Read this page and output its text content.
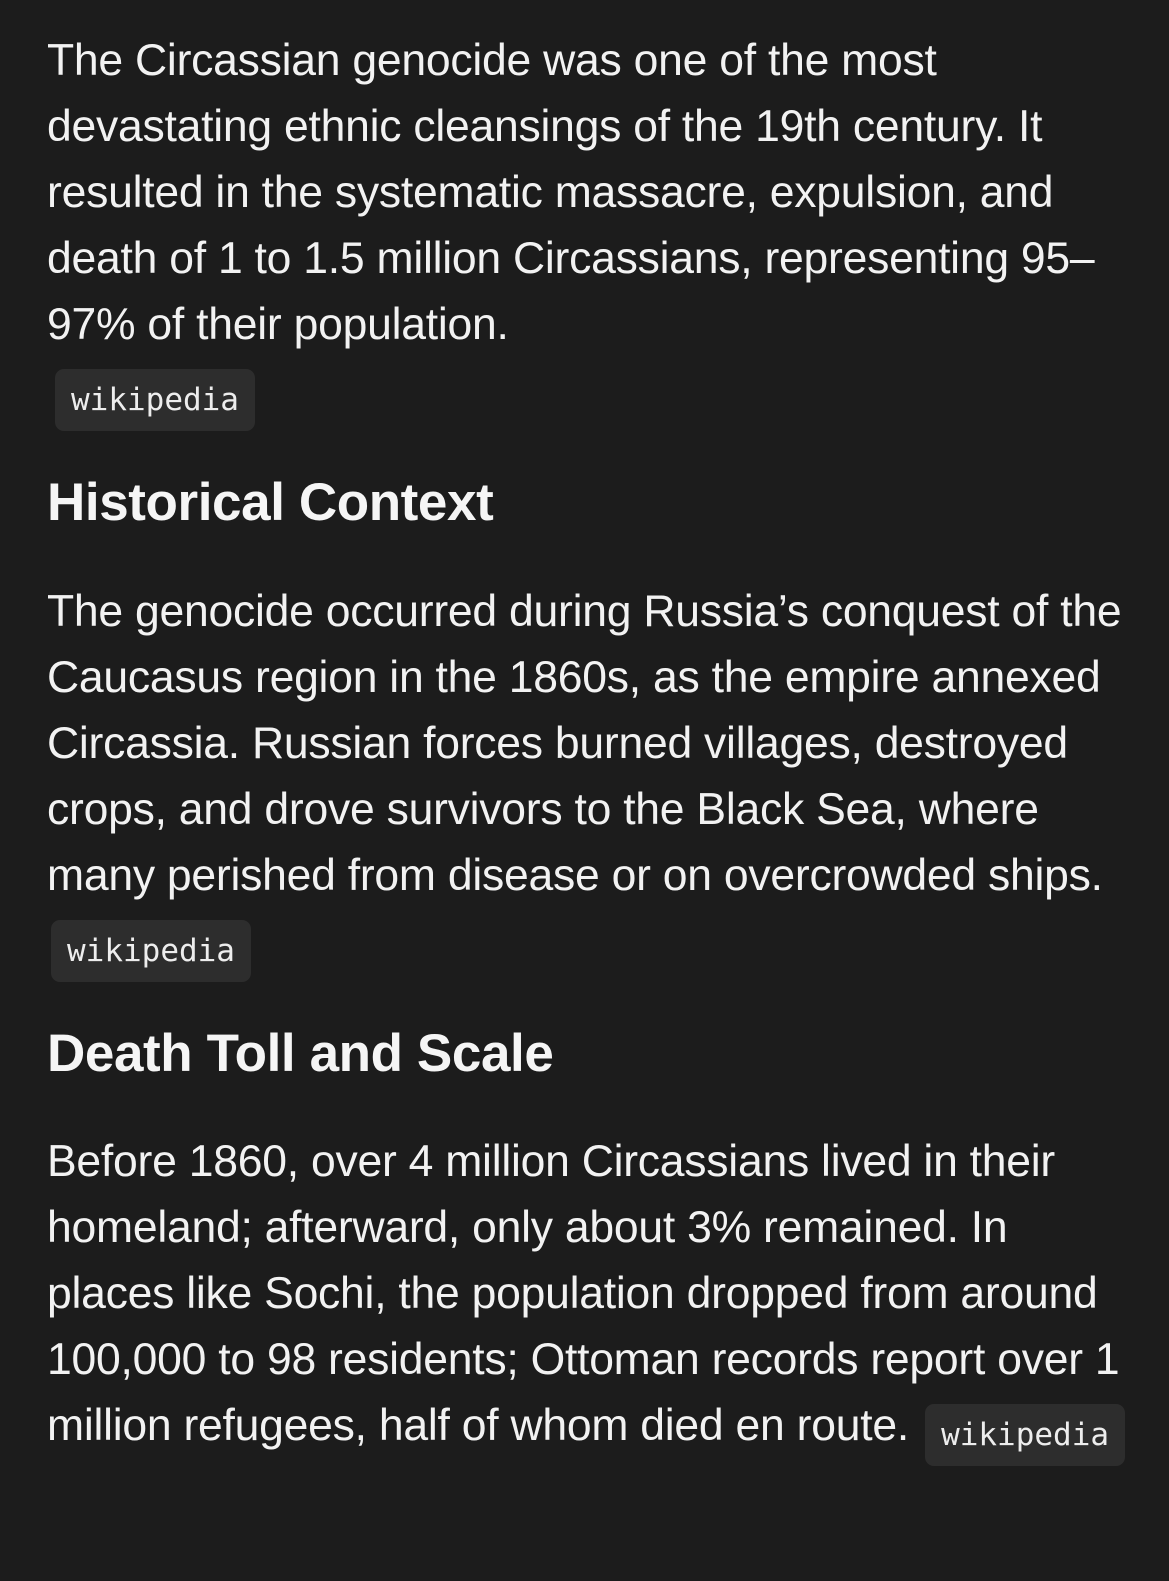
The Circassian genocide was one of the most devastating ethnic cleansings of the 19th century. It resulted in the systematic massacre, expulsion, and death of 1 to 1.5 million Circassians, representing 95–97% of their population.
wikipedia

Historical Context

The genocide occurred during Russia’s conquest of the Caucasus region in the 1860s, as the empire annexed Circassia. Russian forces burned villages, destroyed crops, and drove survivors to the Black Sea, where many perished from disease or on overcrowded ships. wikipedia

Death Toll and Scale

Before 1860, over 4 million Circassians lived in their homeland; afterward, only about 3% remained. In places like Sochi, the population dropped from around 100,000 to 98 residents; Ottoman records report over 1 million refugees, half of whom died en route. wikipedia
